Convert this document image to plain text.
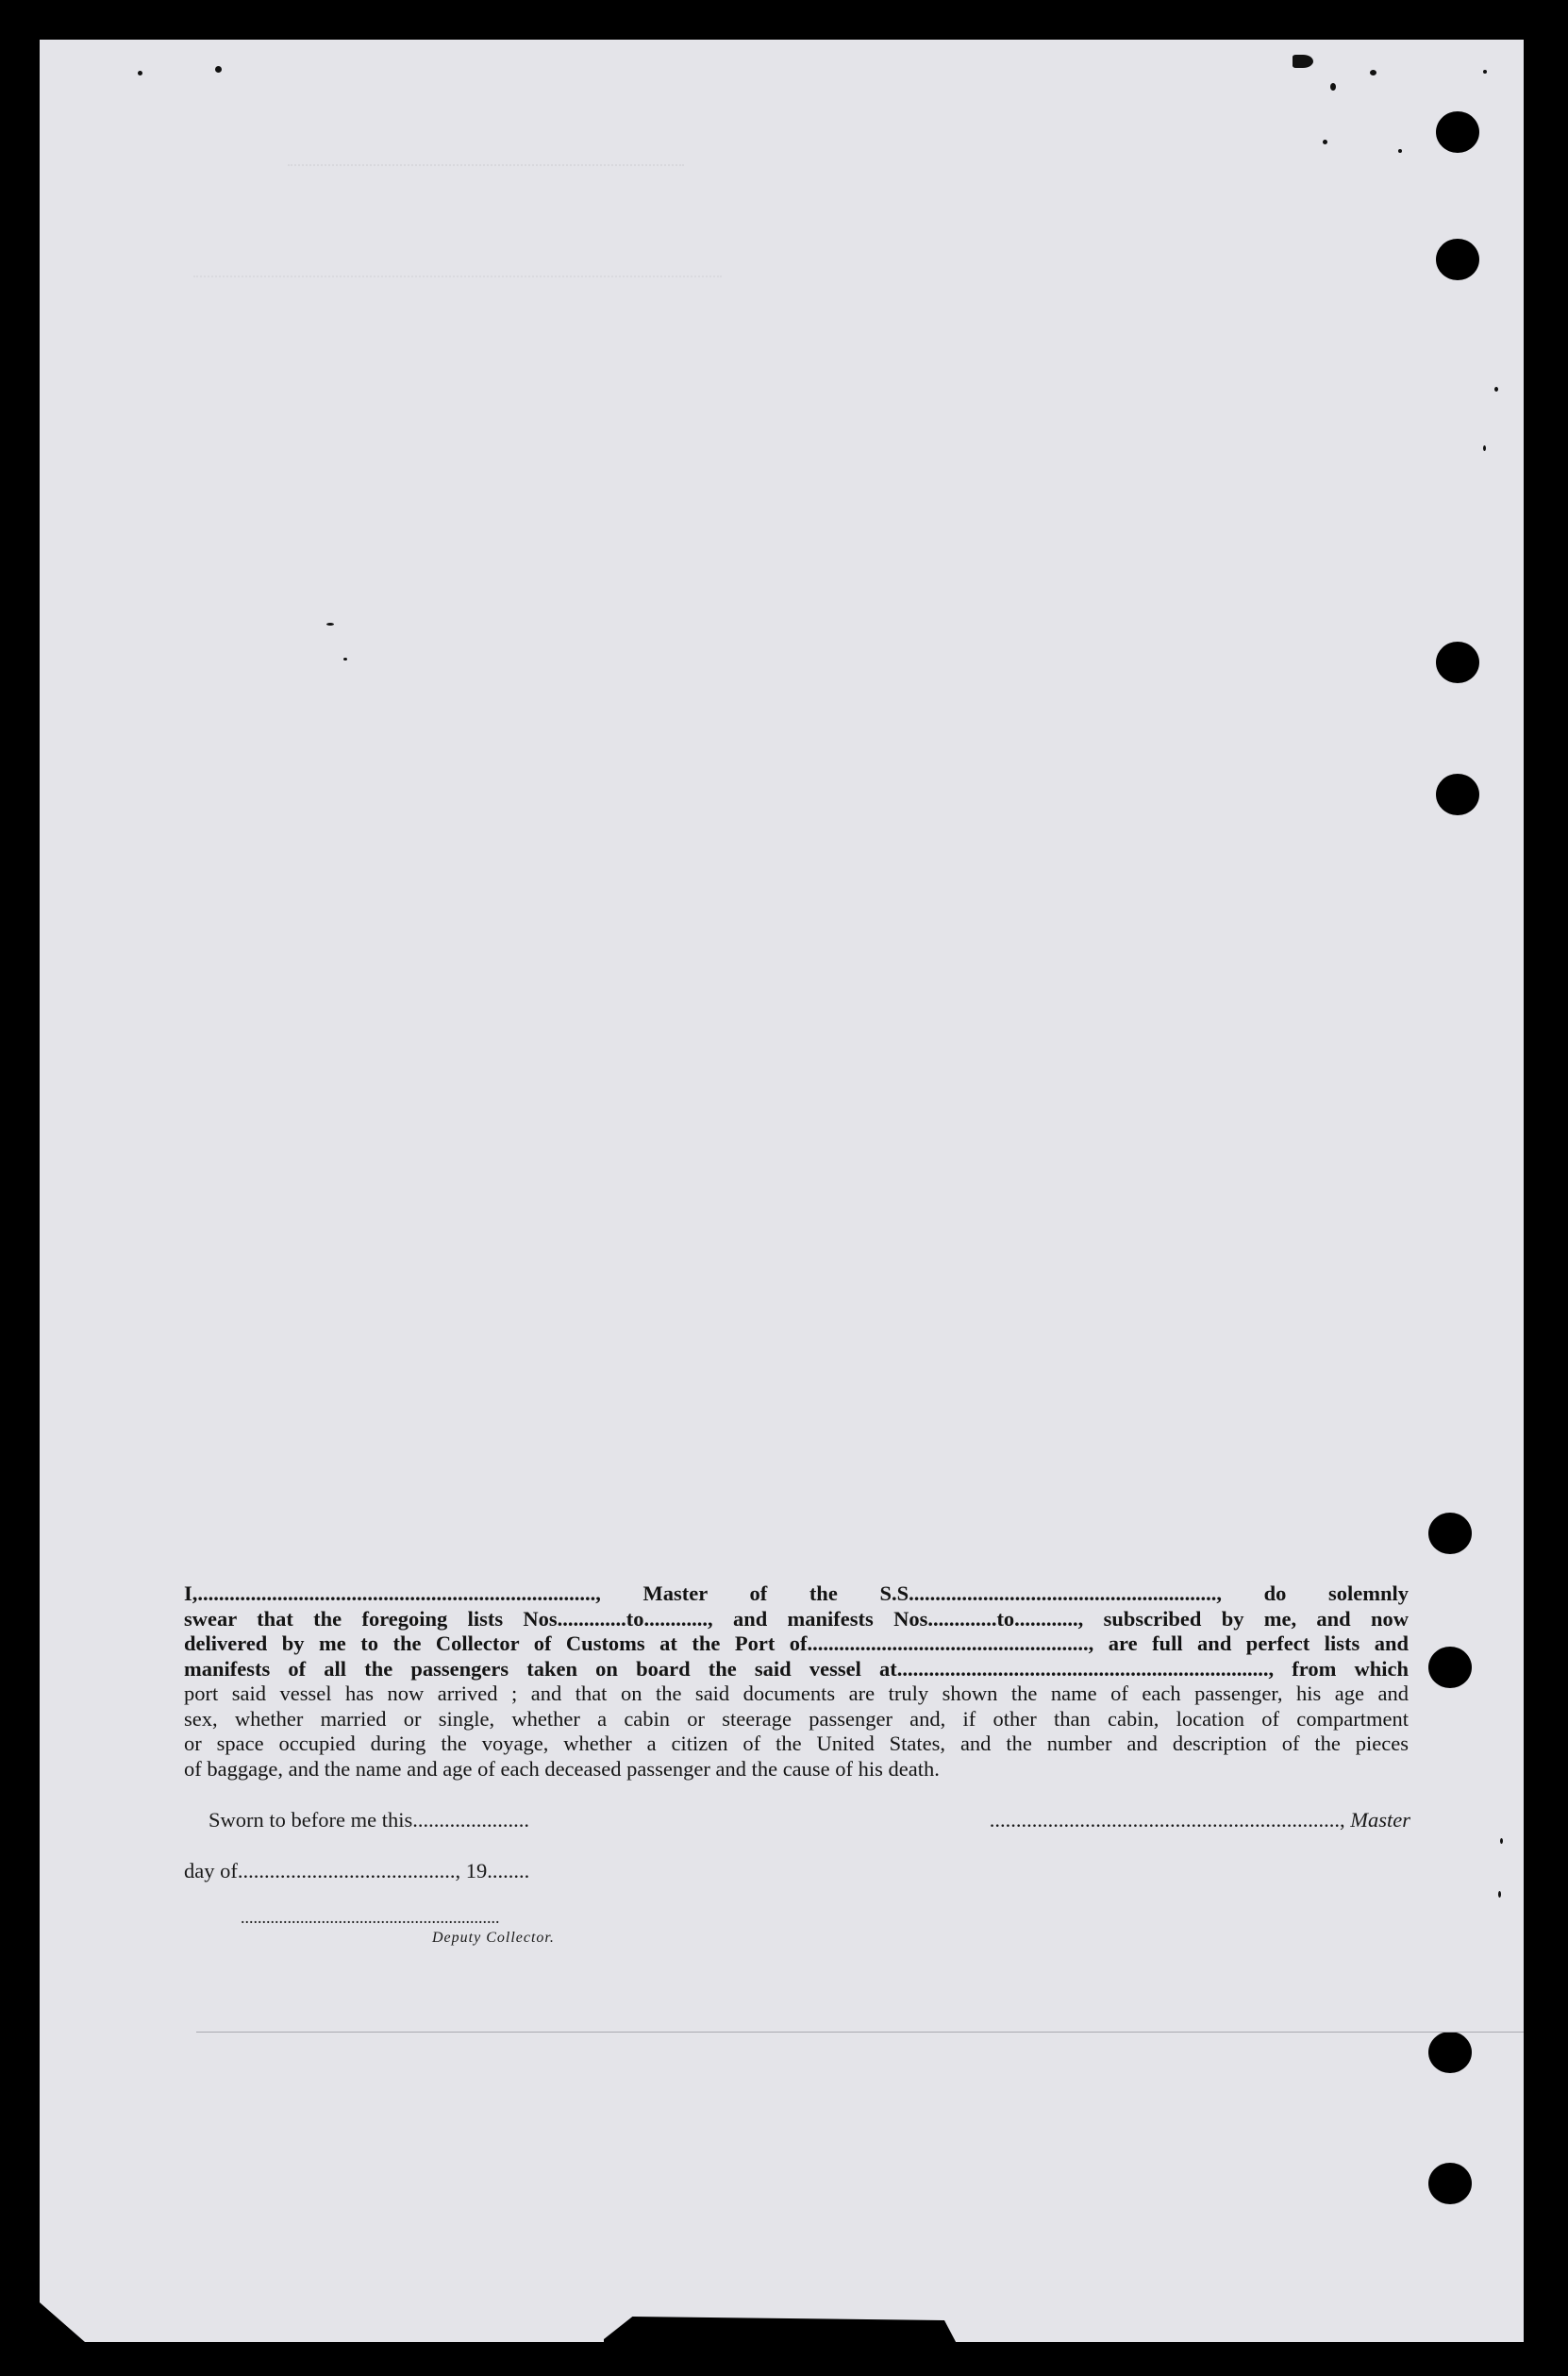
I,..........................................................................., Master of the S.S.........................................................., do solemnly
swear that the foregoing lists Nos.............to............, and manifests Nos.............to............, subscribed by me, and now
delivered by me to the Collector of Customs at the Port of....................................................., are full and perfect lists and
manifests of all the passengers taken on board the said vessel at......................................................................, from which
port said vessel has now arrived ; and that on the said documents are truly shown the name of each passenger, his age and
sex, whether married or single, whether a cabin or steerage passenger and, if other than cabin, location of compartment
or space occupied during the voyage, whether a citizen of the United States, and the number and description of the pieces
of baggage, and the name and age of each deceased passenger and the cause of his death.
Sworn to before me this......................
day of........................................., 19........
.................................................................., Master
.............................................................
Deputy Collector.
